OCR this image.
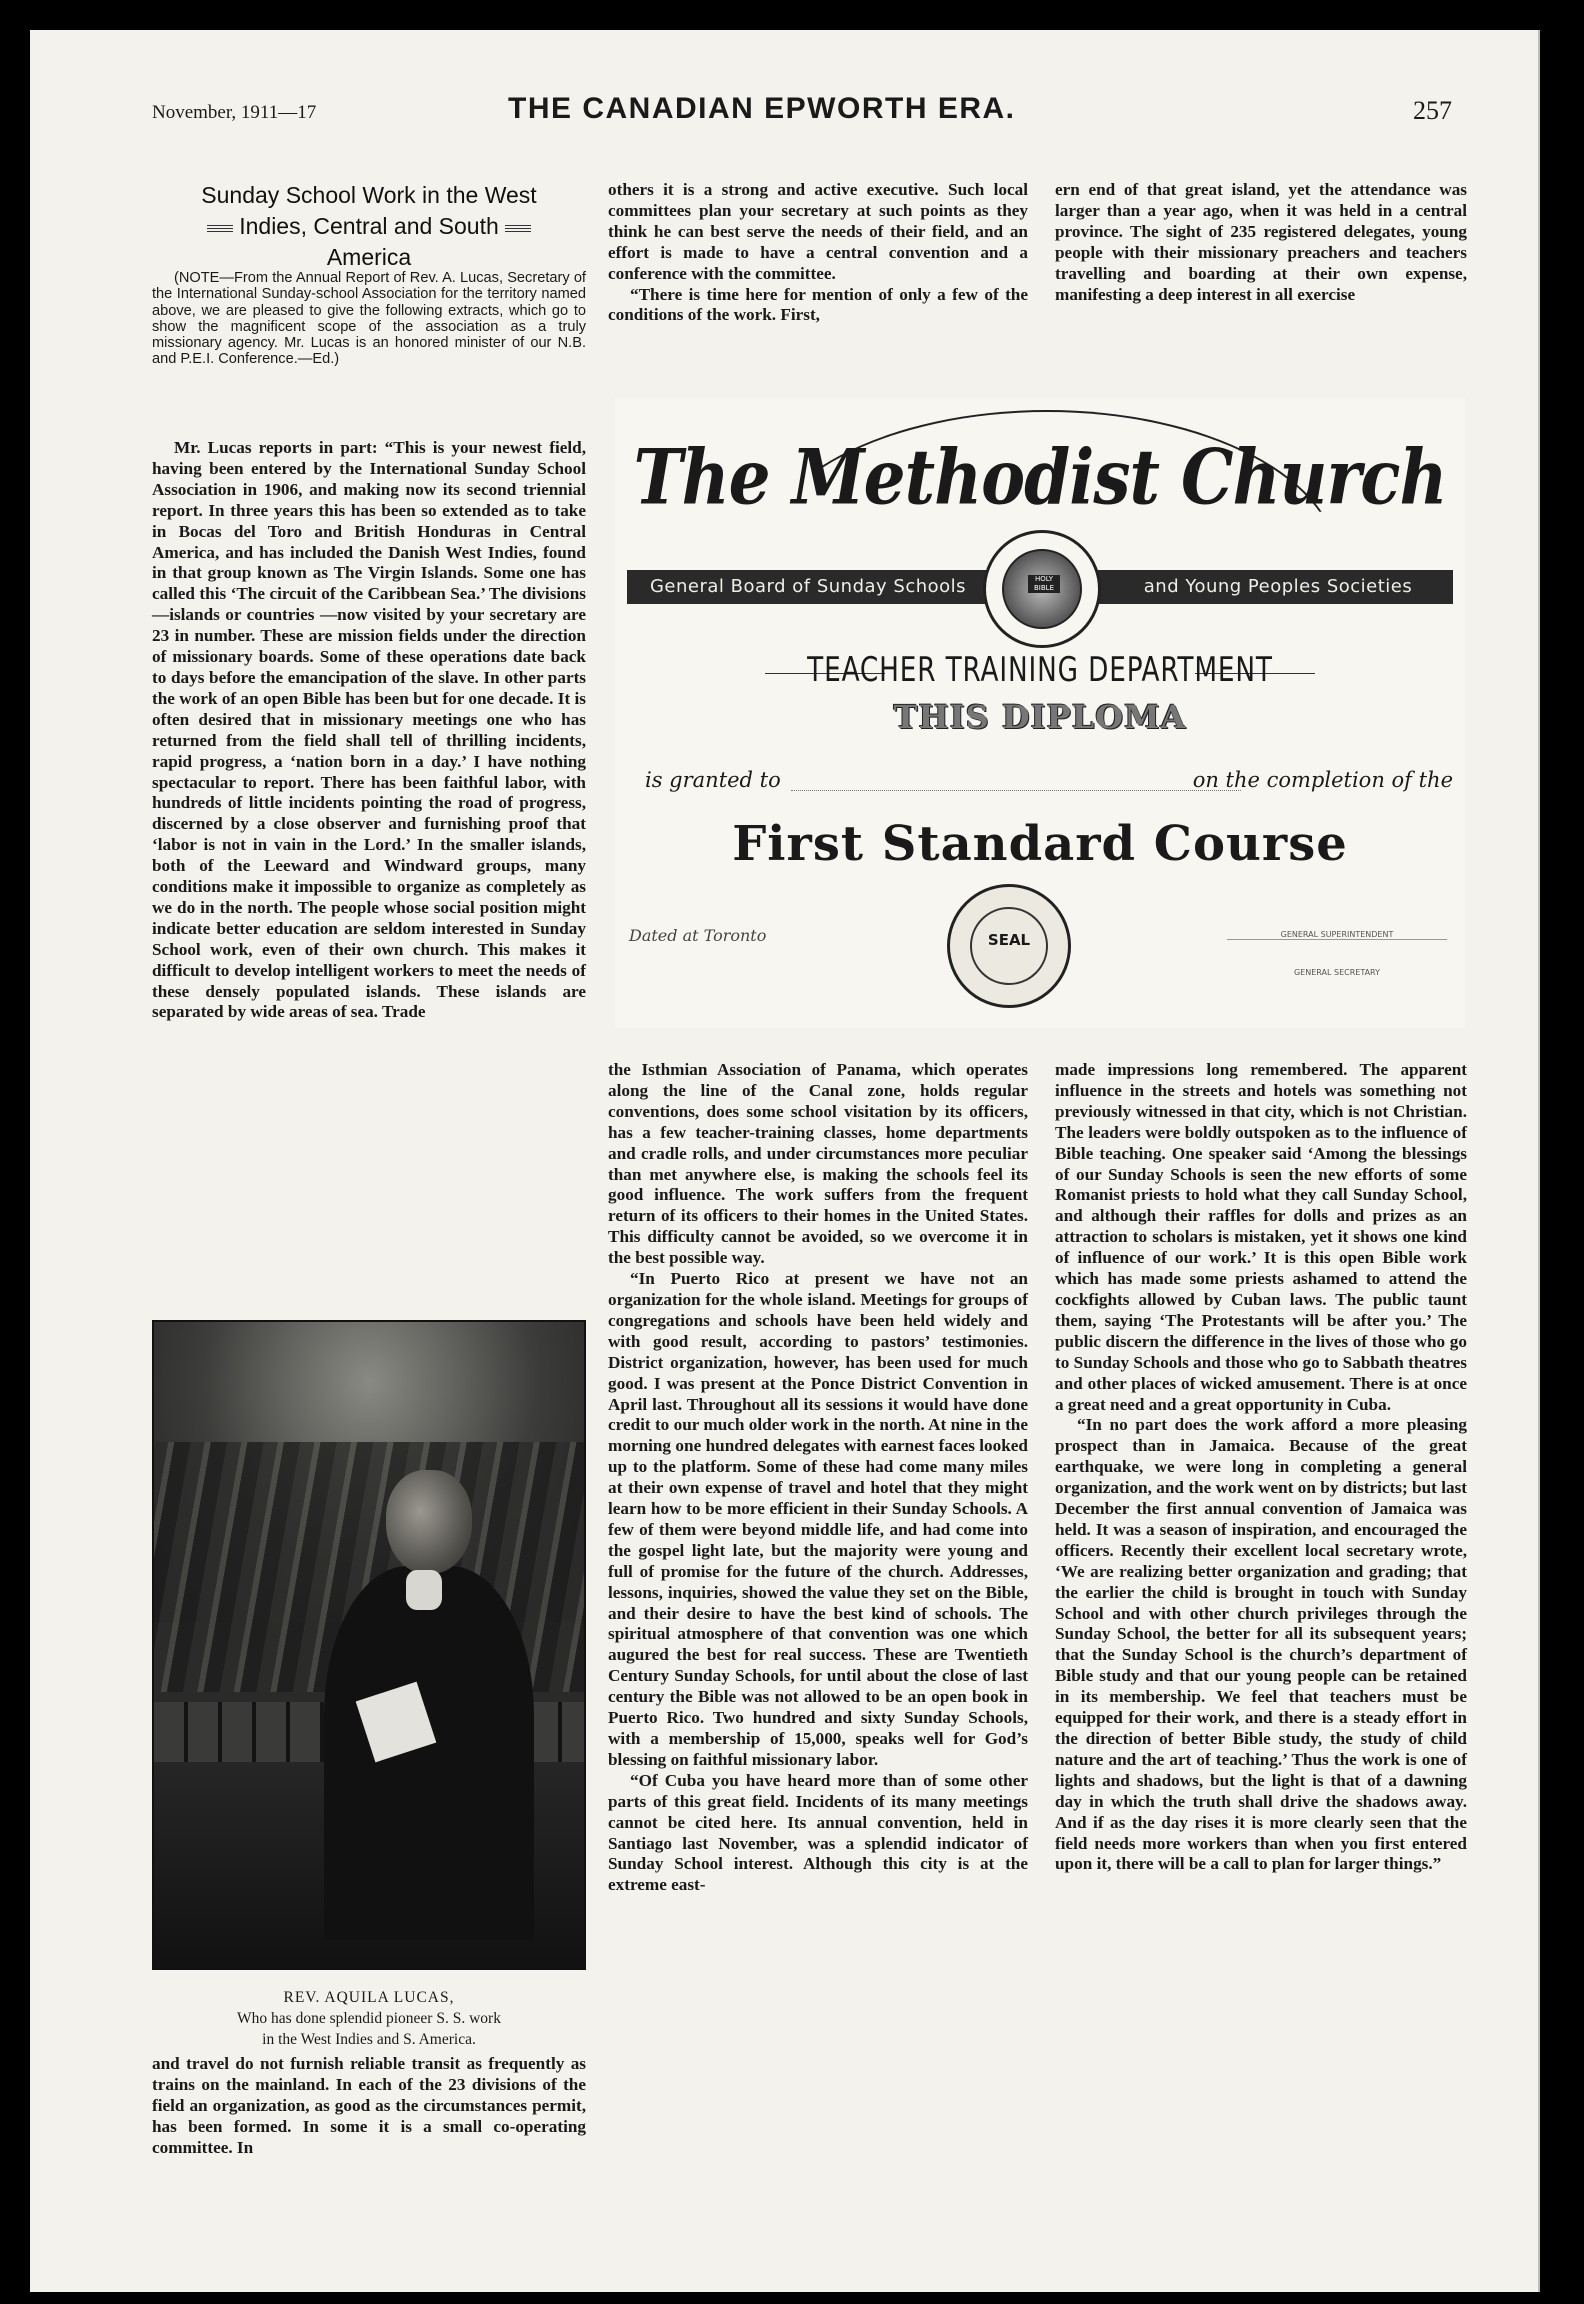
November, 1911—17	THE CANADIAN EPWORTH ERA.	257
Sunday School Work in the West
Indies, Central and South
America
(NOTE—From the Annual Report of Rev. A. Lucas, Secretary of the International Sunday-school Association for the territory named above, we are pleased to give the following extracts, which go to show the magnificent scope of the association as a truly missionary agency. Mr. Lucas is an honored minister of our N.B. and P.E.I. Conference.—Ed.)

Mr. Lucas reports in part: “This is your newest field, having been entered by the International Sunday School Association in 1906, and making now its second triennial report. In three years this has been so extended as to take in Bocas del Toro and British Honduras in Central America, and has included the Danish West Indies, found in that group known as The Virgin Islands. Some one has called this ‘The circuit of the Caribbean Sea.’ The divisions—islands or countries —now visited by your secretary are 23 in number. These are mission fields under the direction of missionary boards. Some of these operations date back to days before the emancipation of the slave. In other parts the work of an open Bible has been but for one decade. It is often desired that in missionary meetings one who has returned from the field shall tell of thrilling incidents, rapid progress, a ‘nation born in a day.’ I have nothing spectacular to report. There has been faithful labor, with hundreds of little incidents pointing the road of progress, discerned by a close observer and furnishing proof that ‘labor is not in vain in the Lord.’ In the smaller islands, both of the Leeward and Windward groups, many conditions make it impossible to organize as completely as we do in the north. The people whose social position might indicate better education are seldom interested in Sunday School work, even of their own church. This makes it difficult to develop intelligent workers to meet the needs of these densely populated islands. These islands are separated by wide areas of sea. Trade

REV. AQUILA LUCAS,
Who has done splendid pioneer S. S. work
in the West Indies and S. America.

and travel do not furnish reliable transit as frequently as trains on the mainland. In each of the 23 divisions of the field an organization, as good as the circumstances permit, has been formed. In some it is a small co-operating committee. In

others it is a strong and active executive. Such local committees plan your secretary at such points as they think he can best serve the needs of their field, and an effort is made to have a central convention and a conference with the committee.

“There is time here for mention of only a few of the conditions of the work. First,

ern end of that great island, yet the attendance was larger than a year ago, when it was held in a central province. The sight of 235 registered delegates, young people with their missionary preachers and teachers travelling and boarding at their own expense, manifesting a deep interest in all exercise

The Methodist Church
General Board of Sunday Schools	and Young Peoples Societies
HOLY BIBLE
TEACHER TRAINING DEPARTMENT
THIS DIPLOMA
is granted to	on the completion of the
First Standard Course
Dated at Toronto	SEAL	GENERAL SUPERINTENDENT
GENERAL SECRETARY

the Isthmian Association of Panama, which operates along the line of the Canal zone, holds regular conventions, does some school visitation by its officers, has a few teacher-training classes, home departments and cradle rolls, and under circumstances more peculiar than met anywhere else, is making the schools feel its good influence. The work suffers from the frequent return of its officers to their homes in the United States. This difficulty cannot be avoided, so we overcome it in the best possible way.

“In Puerto Rico at present we have not an organization for the whole island. Meetings for groups of congregations and schools have been held widely and with good result, according to pastors’ testimonies. District organization, however, has been used for much good. I was present at the Ponce District Convention in April last. Throughout all its sessions it would have done credit to our much older work in the north. At nine in the morning one hundred delegates with earnest faces looked up to the platform. Some of these had come many miles at their own expense of travel and hotel that they might learn how to be more efficient in their Sunday Schools. A few of them were beyond middle life, and had come into the gospel light late, but the majority were young and full of promise for the future of the church. Addresses, lessons, inquiries, showed the value they set on the Bible, and their desire to have the best kind of schools. The spiritual atmosphere of that convention was one which augured the best for real success. These are Twentieth Century Sunday Schools, for until about the close of last century the Bible was not allowed to be an open book in Puerto Rico. Two hundred and sixty Sunday Schools, with a membership of 15,000, speaks well for God’s blessing on faithful missionary labor.

“Of Cuba you have heard more than of some other parts of this great field. Incidents of its many meetings cannot be cited here. Its annual convention, held in Santiago last November, was a splendid indicator of Sunday School interest. Although this city is at the extreme east-

made impressions long remembered. The apparent influence in the streets and hotels was something not previously witnessed in that city, which is not Christian. The leaders were boldly outspoken as to the influence of Bible teaching. One speaker said ‘Among the blessings of our Sunday Schools is seen the new efforts of some Romanist priests to hold what they call Sunday School, and although their raffles for dolls and prizes as an attraction to scholars is mistaken, yet it shows one kind of influence of our work.’ It is this open Bible work which has made some priests ashamed to attend the cockfights allowed by Cuban laws. The public taunt them, saying ‘The Protestants will be after you.’ The public discern the difference in the lives of those who go to Sunday Schools and those who go to Sabbath theatres and other places of wicked amusement. There is at once a great need and a great opportunity in Cuba.

“In no part does the work afford a more pleasing prospect than in Jamaica. Because of the great earthquake, we were long in completing a general organization, and the work went on by districts; but last December the first annual convention of Jamaica was held. It was a season of inspiration, and encouraged the officers. Recently their excellent local secretary wrote, ‘We are realizing better organization and grading; that the earlier the child is brought in touch with Sunday School and with other church privileges through the Sunday School, the better for all its subsequent years; that the Sunday School is the church’s department of Bible study and that our young people can be retained in its membership. We feel that teachers must be equipped for their work, and there is a steady effort in the direction of better Bible study, the study of child nature and the art of teaching.’ Thus the work is one of lights and shadows, but the light is that of a dawning day in which the truth shall drive the shadows away. And if as the day rises it is more clearly seen that the field needs more workers than when you first entered upon it, there will be a call to plan for larger things.”
